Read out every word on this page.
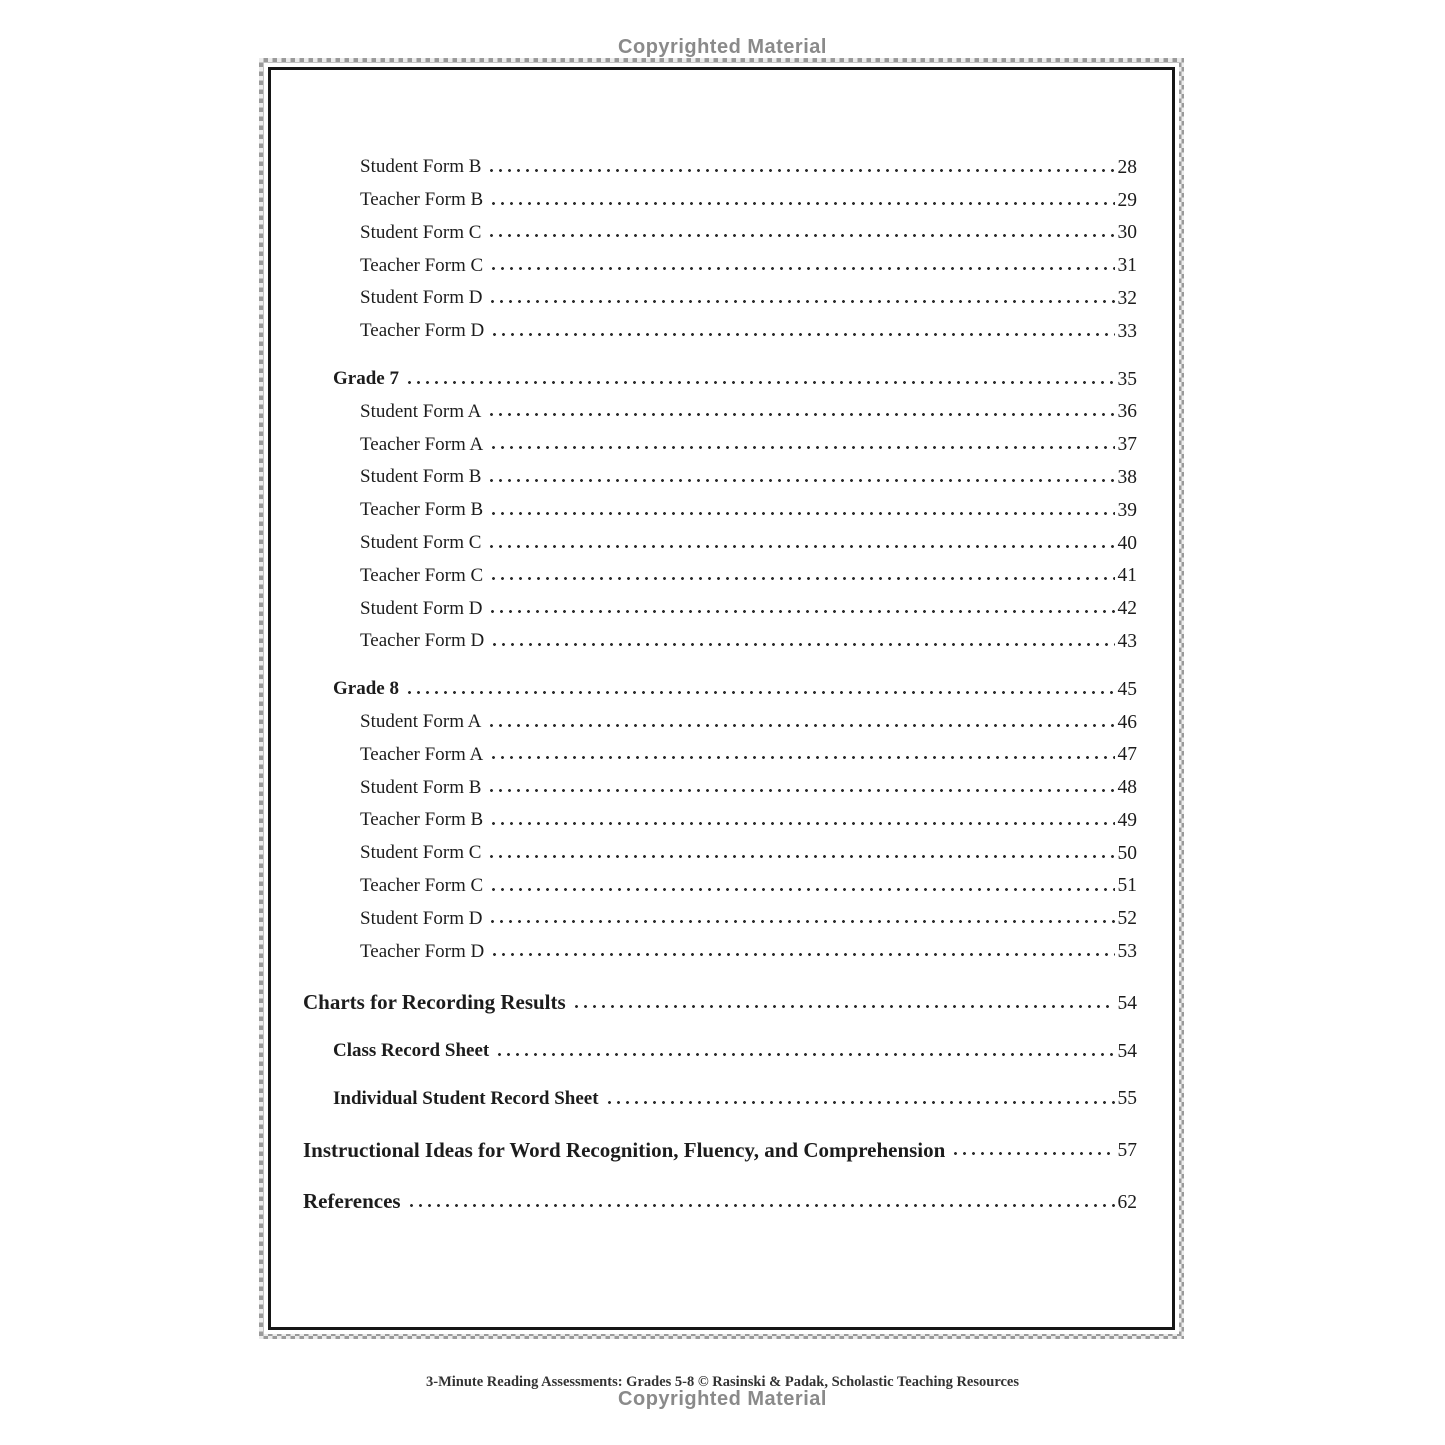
Copyrighted Material
Student Form B	28
Teacher Form B	29
Student Form C	30
Teacher Form C	31
Student Form D	32
Teacher Form D	33
Grade 7	35
Student Form A	36
Teacher Form A	37
Student Form B	38
Teacher Form B	39
Student Form C	40
Teacher Form C	41
Student Form D	42
Teacher Form D	43
Grade 8	45
Student Form A	46
Teacher Form A	47
Student Form B	48
Teacher Form B	49
Student Form C	50
Teacher Form C	51
Student Form D	52
Teacher Form D	53
Charts for Recording Results	54
Class Record Sheet	54
Individual Student Record Sheet	55
Instructional Ideas for Word Recognition, Fluency, and Comprehension	57
References	62
3-Minute Reading Assessments: Grades 5-8 © Rasinski & Padak, Scholastic Teaching Resources
Copyrighted Material
